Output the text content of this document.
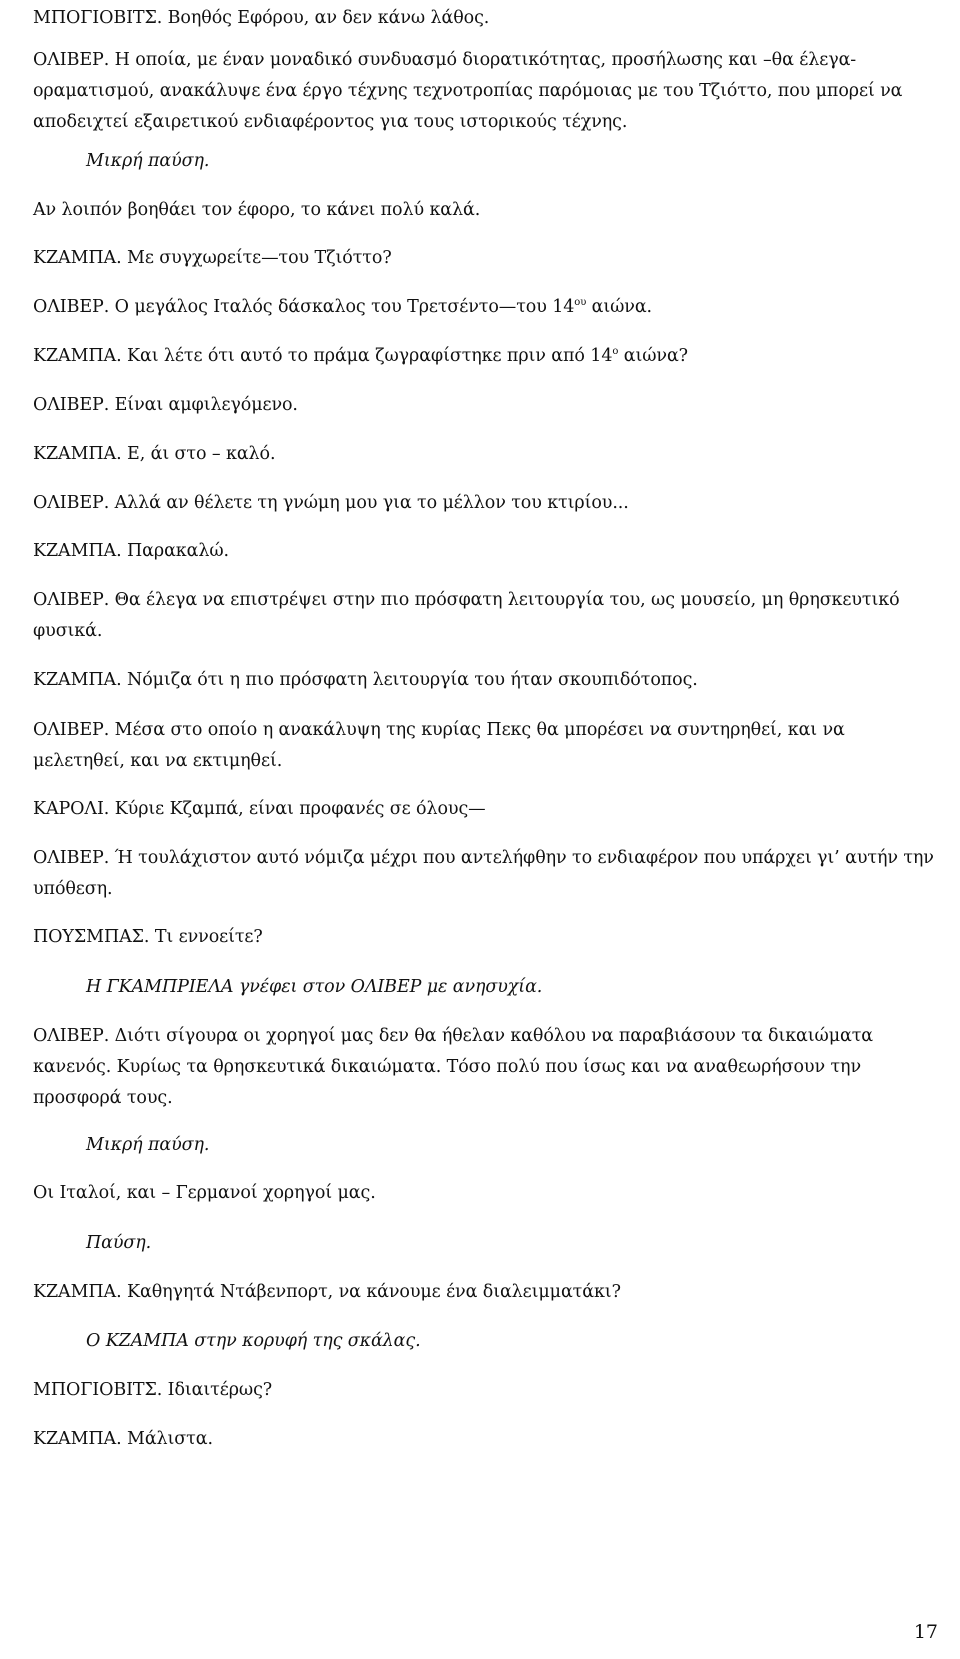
ΜΠΟΓΙΟΒΙΤΣ. Βοηθός Εφόρου, αν δεν κάνω λάθος.
ΟΛΙΒΕΡ. Η οποία, με έναν μοναδικό συνδυασμό διορατικότητας, προσήλωσης και –θα έλεγα- οραματισμού, ανακάλυψε ένα έργο τέχνης τεχνοτροπίας παρόμοιας με του Τζιόττο, που μπορεί να αποδειχτεί εξαιρετικού ενδιαφέροντος για τους ιστορικούς τέχνης.
Μικρή παύση.
Αν λοιπόν βοηθάει τον έφορο, το κάνει πολύ καλά.
ΚΖΑΜΠΑ. Με συγχωρείτε—του Τζιόττο?
ΟΛΙΒΕΡ. Ο μεγάλος Ιταλός δάσκαλος του Τρετσέντο—του $14^{o\upsilon}$ αιώνα.
ΚΖΑΜΠΑ. Και λέτε ότι αυτό το πράμα ζωγραφίστηκε πριν από $14^o$ αιώνα?
ΟΛΙΒΕΡ. Είναι αμφιλεγόμενο.
ΚΖΑΜΠΑ. Ε, άι στο – καλό.
ΟΛΙΒΕΡ. Αλλά αν θέλετε τη γνώμη μου για το μέλλον του κτιρίου...
ΚΖΑΜΠΑ. Παρακαλώ.
ΟΛΙΒΕΡ. Θα έλεγα να επιστρέψει στην πιο πρόσφατη λειτουργία του, ως μουσείο, μη θρησκευτικό φυσικά.
ΚΖΑΜΠΑ. Νόμιζα ότι η πιο πρόσφατη λειτουργία του ήταν σκουπιδότοπος.
ΟΛΙΒΕΡ. Μέσα στο οποίο η ανακάλυψη της κυρίας Πεκς θα μπορέσει να συντηρηθεί, και να μελετηθεί, και να εκτιμηθεί.
ΚΑΡΟΛΙ. Κύριε Κζαμπά, είναι προφανές σε όλους—
ΟΛΙΒΕΡ. Ή τουλάχιστον αυτό νόμιζα μέχρι που αντελήφθην το ενδιαφέρον που υπάρχει γι’ αυτήν την υπόθεση.
ΠΟΥΣΜΠΑΣ. Τι εννοείτε?
Η ΓΚΑΜΠΡΙΕΛΑ γνέφει στον ΟΛΙΒΕΡ με ανησυχία.
ΟΛΙΒΕΡ. Διότι σίγουρα οι χορηγοί μας δεν θα ήθελαν καθόλου να παραβιάσουν τα δικαιώματα κανενός. Κυρίως τα θρησκευτικά δικαιώματα. Τόσο πολύ που ίσως και να αναθεωρήσουν την προσφορά τους.
Μικρή παύση.
Οι Ιταλοί, και – Γερμανοί χορηγοί μας.
Παύση.
ΚΖΑΜΠΑ. Καθηγητά Ντάβενπορτ, να κάνουμε ένα διαλειμματάκι?
Ο ΚΖΑΜΠΑ στην κορυφή της σκάλας.
ΜΠΟΓΙΟΒΙΤΣ. Ιδιαιτέρως?
ΚΖΑΜΠΑ. Μάλιστα.
17
